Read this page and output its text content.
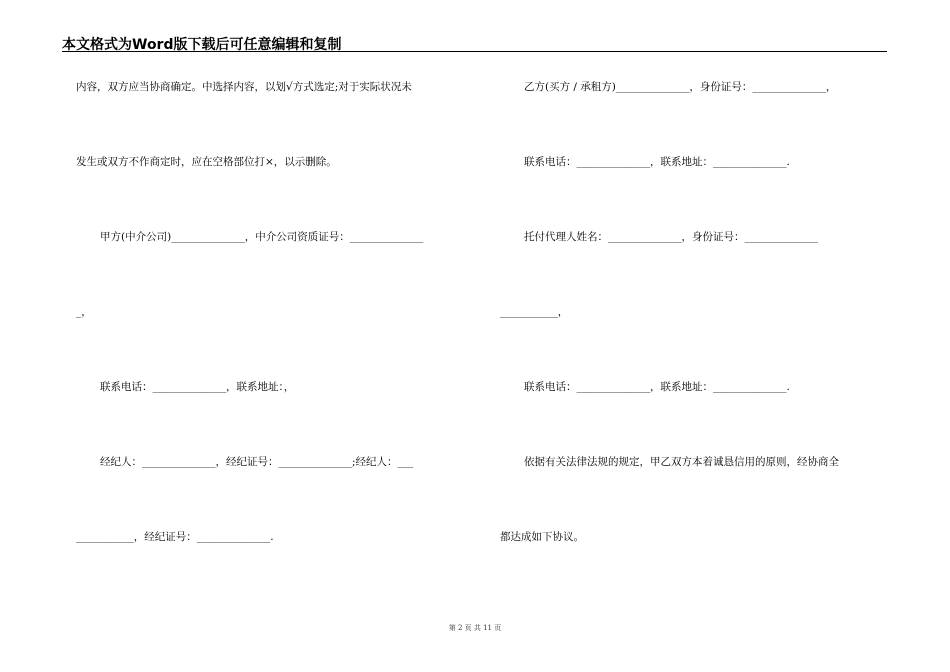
本文格式为Word版下载后可任意编辑和复制
内容，双方应当协商确定。中选择内容，以划√方式选定;对于实际状况未
发生或双方不作商定时，应在空格部位打×，以示删除。
甲方(中介公司)______________，中介公司资质证号：______________
_，
联系电话：______________，联系地址：，
经纪人：______________，经纪证号：______________;经纪人：___
___________，经纪证号：______________.
乙方(买方 / 承租方)______________，身份证号：______________，
联系电话：______________，联系地址：______________.
托付代理人姓名：______________，身份证号：______________
___________，
联系电话：______________，联系地址：______________.
依据有关法律法规的规定，甲乙双方本着诚恳信用的原则，经协商全
都达成如下协议。
第 2 页 共 11 页
